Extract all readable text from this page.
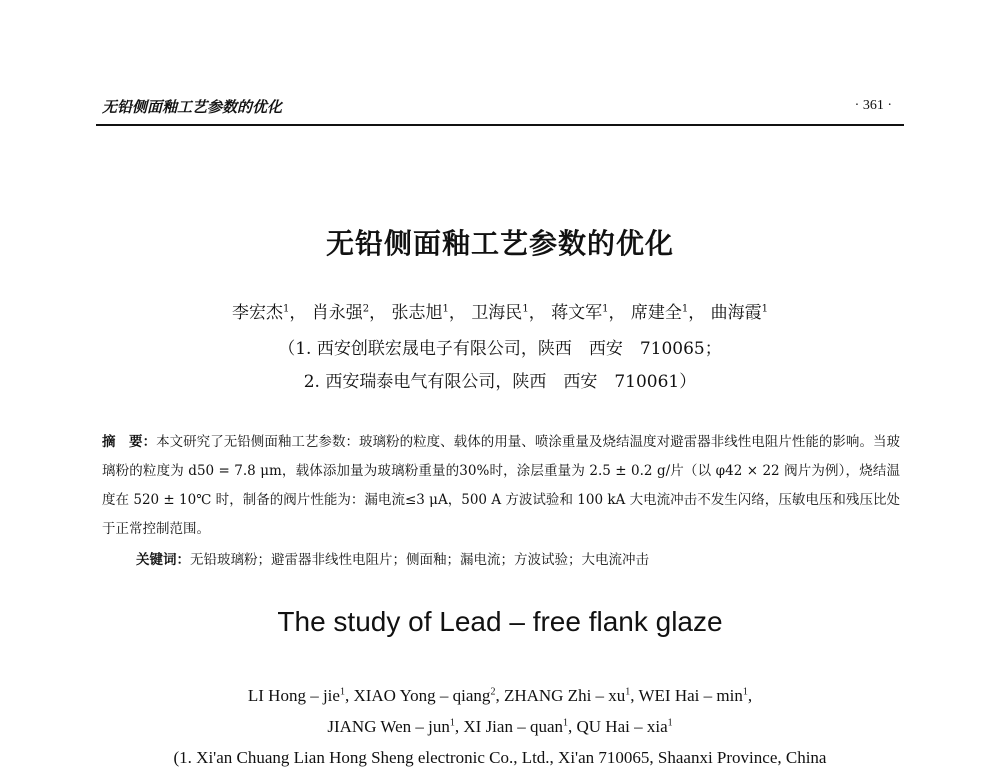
无铅侧面釉工艺参数的优化	· 361 ·
无铅侧面釉工艺参数的优化
李宏杰$^1$， 肖永强$^2$， 张志旭$^1$， 卫海民$^1$， 蒋文军$^1$， 席建全$^1$， 曲海霞$^1$
（1. 西安创联宏晟电子有限公司，陕西　西安　710065；
2. 西安瑞泰电气有限公司，陕西　西安　710061）
摘　要：本文研究了无铅侧面釉工艺参数：玻璃粉的粒度、载体的用量、喷涂重量及烧结温度对避雷器非线性电阻片性能的影响。当玻璃粉的粒度为 d50 = 7.8 μm，载体添加量为玻璃粉重量的30%时，涂层重量为 2.5 ± 0.2 g/片（以 φ42 × 22 阀片为例），烧结温度在 520 ± 10℃ 时，制备的阀片性能为：漏电流≤3 μA，500 A 方波试验和 100 kA 大电流冲击不发生闪络，压敏电压和残压比处于正常控制范围。
关键词：无铅玻璃粉；避雷器非线性电阻片；侧面釉；漏电流；方波试验；大电流冲击
The study of Lead – free flank glaze
LI Hong – jie$^1$, XIAO Yong – qiang$^2$, ZHANG Zhi – $xu^1$, WEI Hai – $\min^1$,
JIANG Wen – jun$^1$, XI Jian – quan$^1$, QU Hai – xia$^1$
(1. Xi'an Chuang Lian Hong Sheng electronic Co., Ltd., Xi'an 710065, Shaanxi Province, China
